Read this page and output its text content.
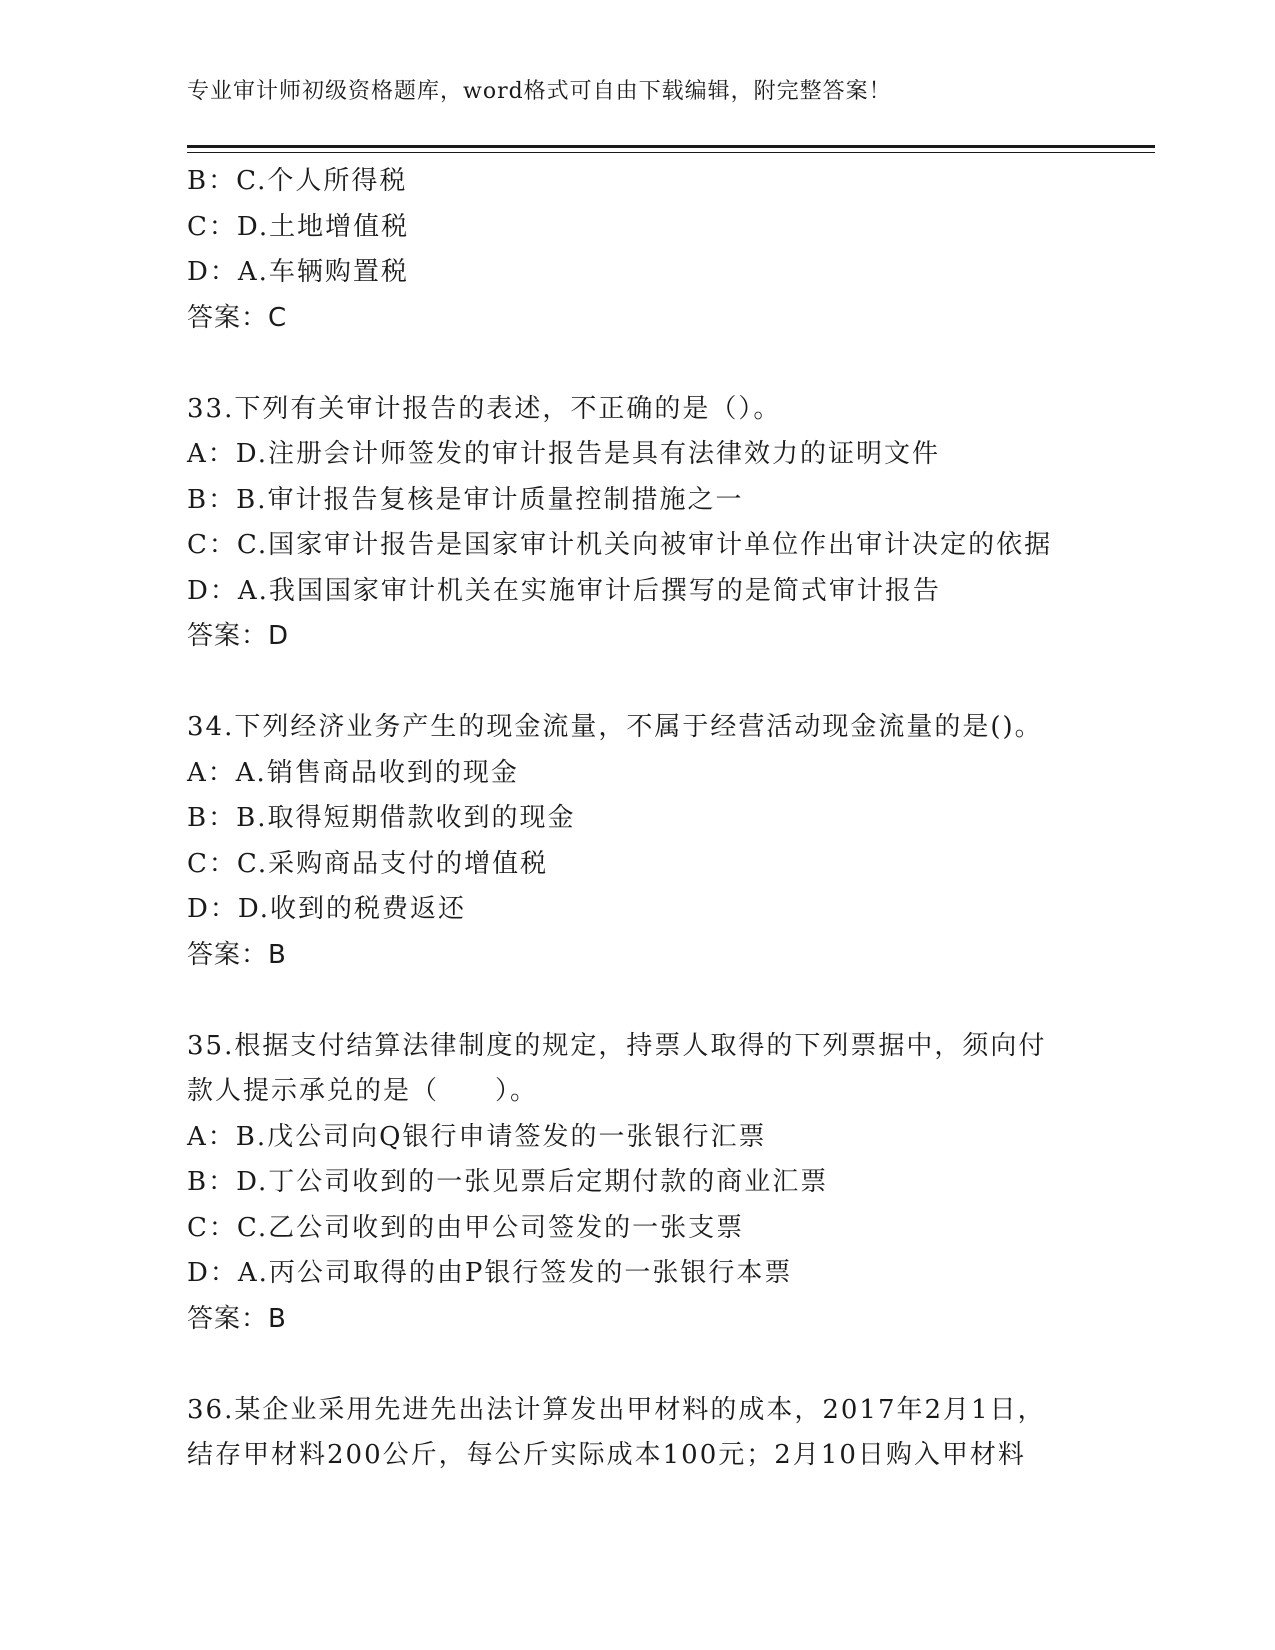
专业审计师初级资格题库，word格式可自由下载编辑，附完整答案！
B：C.个人所得税
C：D.土地增值税
D：A.车辆购置税
答案：C
33.下列有关审计报告的表述，不正确的是（）。
A：D.注册会计师签发的审计报告是具有法律效力的证明文件
B：B.审计报告复核是审计质量控制措施之一
C：C.国家审计报告是国家审计机关向被审计单位作出审计决定的依据
D：A.我国国家审计机关在实施审计后撰写的是简式审计报告
答案：D
34.下列经济业务产生的现金流量，不属于经营活动现金流量的是()。
A：A.销售商品收到的现金
B：B.取得短期借款收到的现金
C：C.采购商品支付的增值税
D：D.收到的税费返还
答案：B
35.根据支付结算法律制度的规定，持票人取得的下列票据中，须向付
款人提示承兑的是（　　）。
A：B.戊公司向Q银行申请签发的一张银行汇票
B：D.丁公司收到的一张见票后定期付款的商业汇票
C：C.乙公司收到的由甲公司签发的一张支票
D：A.丙公司取得的由P银行签发的一张银行本票
答案：B
36.某企业采用先进先出法计算发出甲材料的成本，2017年2月1日，
结存甲材料200公斤，每公斤实际成本100元；2月10日购入甲材料
